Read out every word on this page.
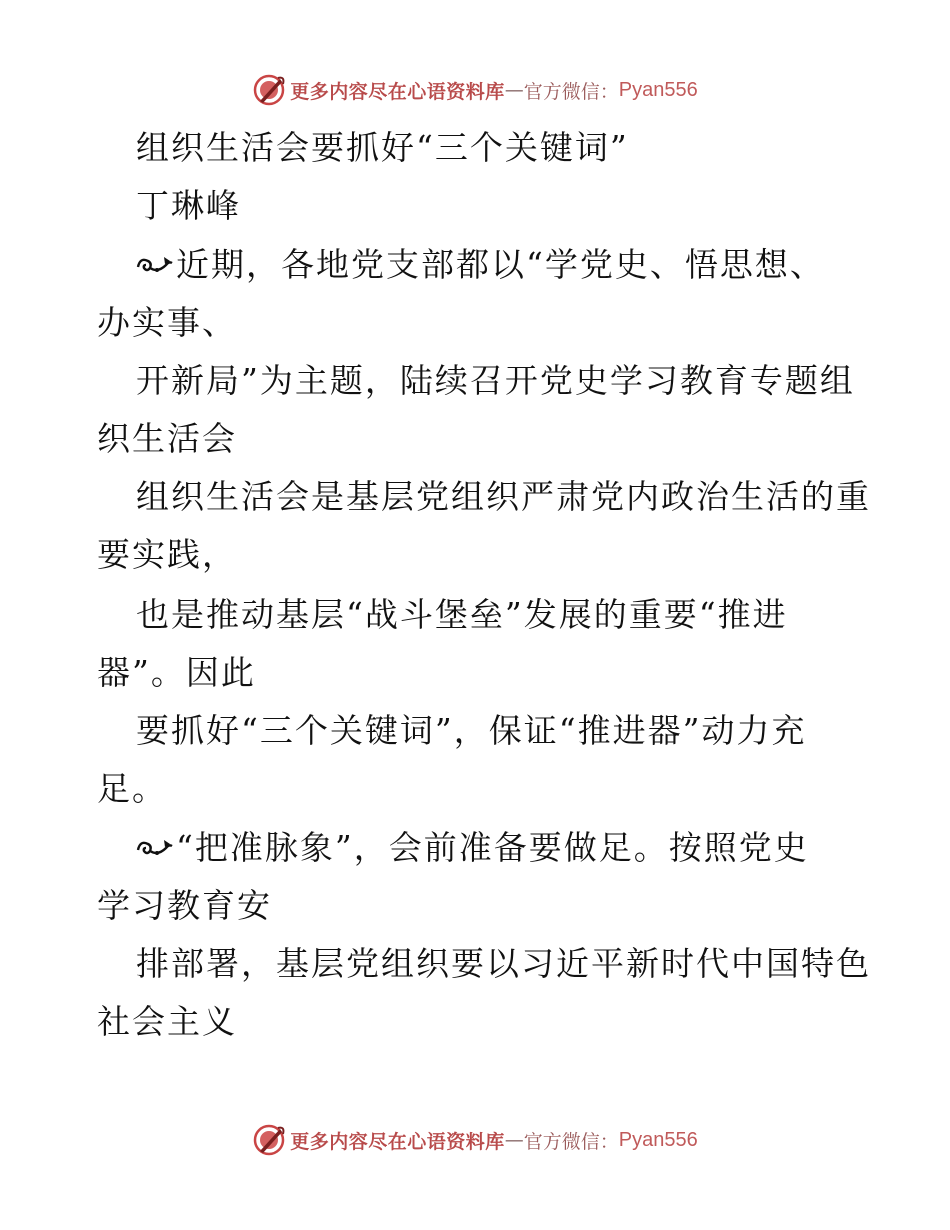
更多内容尽在心语资料库 — 官方微信： Pyan556
组织生活会要抓好“三个关键词”
丁琳峰
近期，各地党支部都以“学党史、悟思想、
办实事、
开新局”为主题，陆续召开党史学习教育专题组
织生活会
组织生活会是基层党组织严肃党内政治生活的重
要实践，
也是推动基层“战斗堡垒”发展的重要“推进
器”。因此
要抓好“三个关键词”，保证“推进器”动力充
足。
“把准脉象”，会前准备要做足。按照党史
学习教育安
排部署，基层党组织要以习近平新时代中国特色
社会主义
更多内容尽在心语资料库 — 官方微信： Pyan556
